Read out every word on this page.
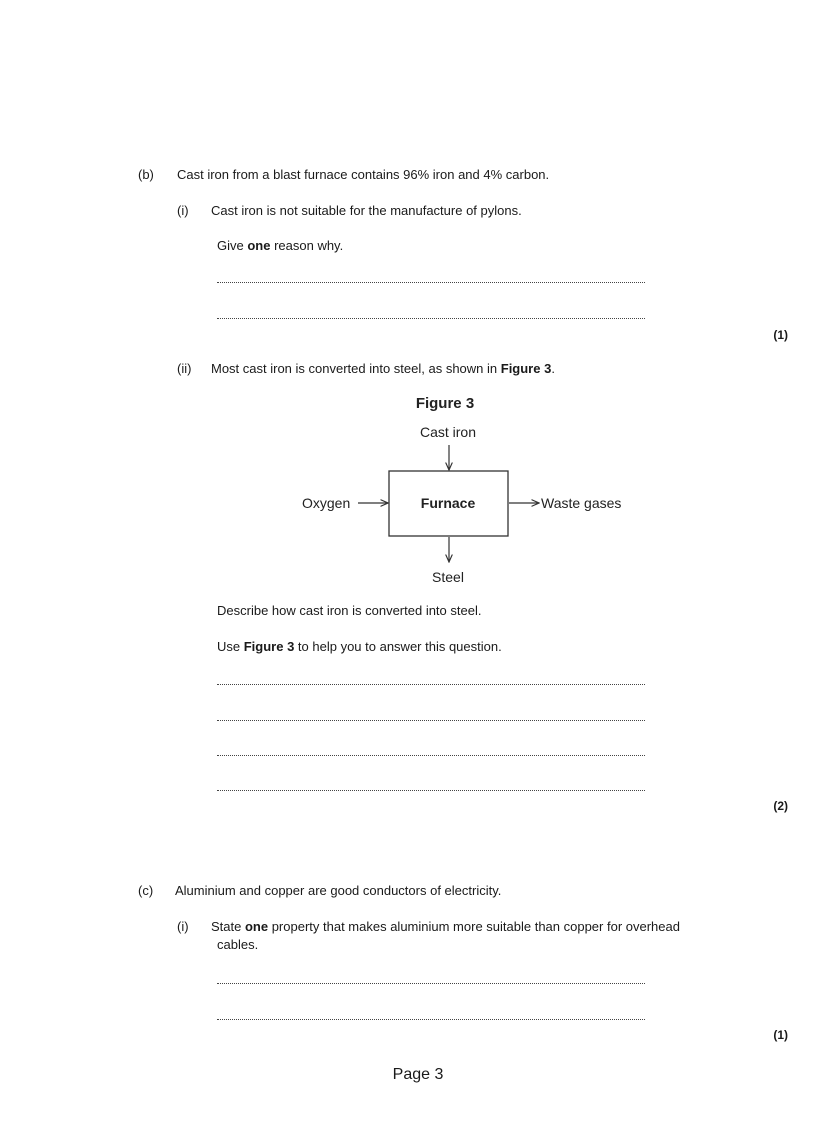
(b) Cast iron from a blast furnace contains 96% iron and 4% carbon.
(i) Cast iron is not suitable for the manufacture of pylons.
Give one reason why.
(1)
(ii) Most cast iron is converted into steel, as shown in Figure 3.
Figure 3
Cast iron
Furnace
Oxygen	Waste gases
Steel
Describe how cast iron is converted into steel.
Use Figure 3 to help you to answer this question.
(2)
(c) Aluminium and copper are good conductors of electricity.
(i) State one property that makes aluminium more suitable than copper for overhead
cables.
(1)
Page 3
